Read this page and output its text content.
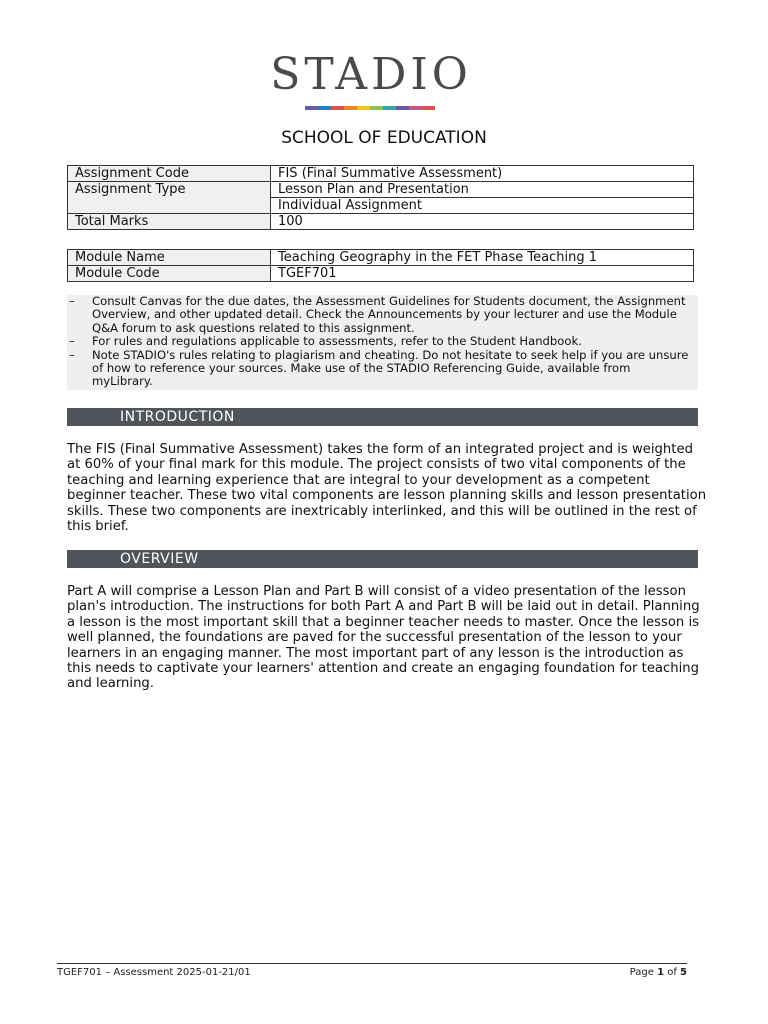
STADIO
SCHOOL OF EDUCATION
Assignment Code	FIS (Final Summative Assessment)
Assignment Type	Lesson Plan and Presentation
	Individual Assignment
Total Marks	100
Module Name	Teaching Geography in the FET Phase Teaching 1
Module Code	TGEF701
– Consult Canvas for the due dates, the Assessment Guidelines for Students document, the Assignment Overview, and other updated detail. Check the Announcements by your lecturer and use the Module Q&A forum to ask questions related to this assignment.
– For rules and regulations applicable to assessments, refer to the Student Handbook.
– Note STADIO's rules relating to plagiarism and cheating. Do not hesitate to seek help if you are unsure of how to reference your sources. Make use of the STADIO Referencing Guide, available from myLibrary.
INTRODUCTION
The FIS (Final Summative Assessment) takes the form of an integrated project and is weighted at 60% of your final mark for this module. The project consists of two vital components of the teaching and learning experience that are integral to your development as a competent beginner teacher. These two vital components are lesson planning skills and lesson presentation skills. These two components are inextricably interlinked, and this will be outlined in the rest of this brief.
OVERVIEW
Part A will comprise a Lesson Plan and Part B will consist of a video presentation of the lesson plan's introduction. The instructions for both Part A and Part B will be laid out in detail. Planning a lesson is the most important skill that a beginner teacher needs to master. Once the lesson is well planned, the foundations are paved for the successful presentation of the lesson to your learners in an engaging manner. The most important part of any lesson is the introduction as this needs to captivate your learners' attention and create an engaging foundation for teaching and learning.
TGEF701 – Assessment 2025-01-21/01	Page 1 of 5
